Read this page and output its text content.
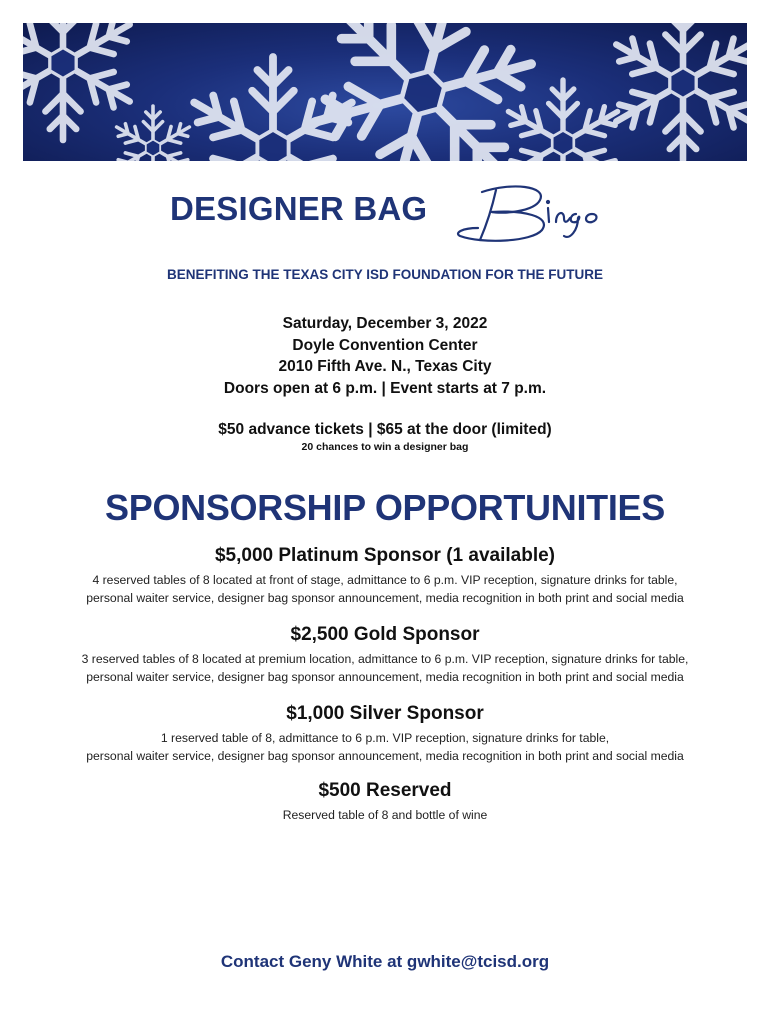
DESIGNER BAG
BENEFITING THE TEXAS CITY ISD FOUNDATION FOR THE FUTURE
Saturday, December 3, 2022
Doyle Convention Center
2010 Fifth Ave. N., Texas City
Doors open at 6 p.m. | Event starts at 7 p.m.
$50 advance tickets | $65 at the door (limited)
20 chances to win a designer bag
SPONSORSHIP OPPORTUNITIES
$5,000 Platinum Sponsor (1 available)

4 reserved tables of 8 located at front of stage, admittance to 6 p.m. VIP reception, signature drinks for table,
personal waiter service, designer bag sponsor announcement, media recognition in both print and social media

$2,500 Gold Sponsor

3 reserved tables of 8 located at premium location, admittance to 6 p.m. VIP reception, signature drinks for table,
personal waiter service, designer bag sponsor announcement, media recognition in both print and social media

$1,000 Silver Sponsor

1 reserved table of 8, admittance to 6 p.m. VIP reception, signature drinks for table,
personal waiter service, designer bag sponsor announcement, media recognition in both print and social media

$500 Reserved

Reserved table of 8 and bottle of wine

Contact Geny White at gwhite@tcisd.org
